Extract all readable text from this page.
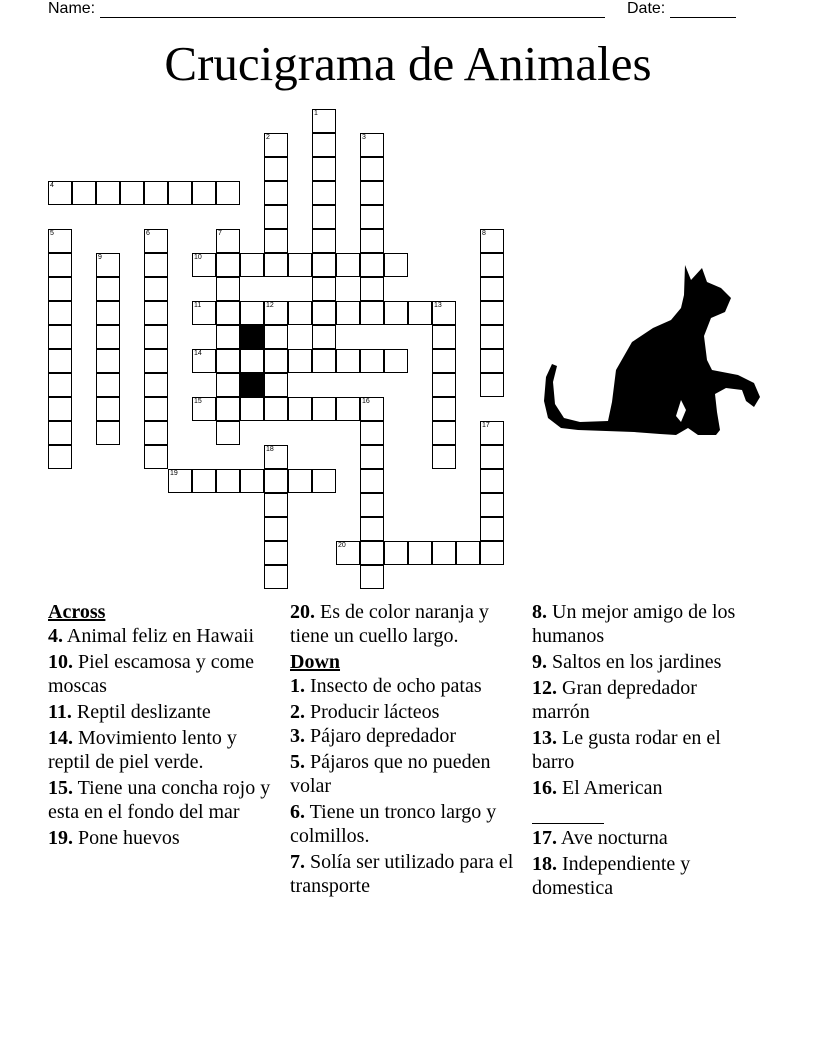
Name:	Date:
Crucigrama de Animales
1
2	3
4
5	6	7	8
9	10
11	12	13
14
15	16
17
18
19
20
Across
4. Animal feliz en Hawaii
10. Piel escamosa y come moscas
11. Reptil deslizante
14. Movimiento lento y reptil de piel verde.
15. Tiene una concha rojo y esta en el fondo del mar
19. Pone huevos
20. Es de color naranja y tiene un cuello largo.
Down
1. Insecto de ocho patas
2. Producir lácteos
3. Pájaro depredador
5. Pájaros que no pueden volar
6. Tiene un tronco largo y colmillos.
7. Solía ser utilizado para el transporte
8. Un mejor amigo de los humanos
9. Saltos en los jardines
12. Gran depredador marrón
13. Le gusta rodar en el barro
16. El American

17. Ave nocturna
18. Independiente y domestica
